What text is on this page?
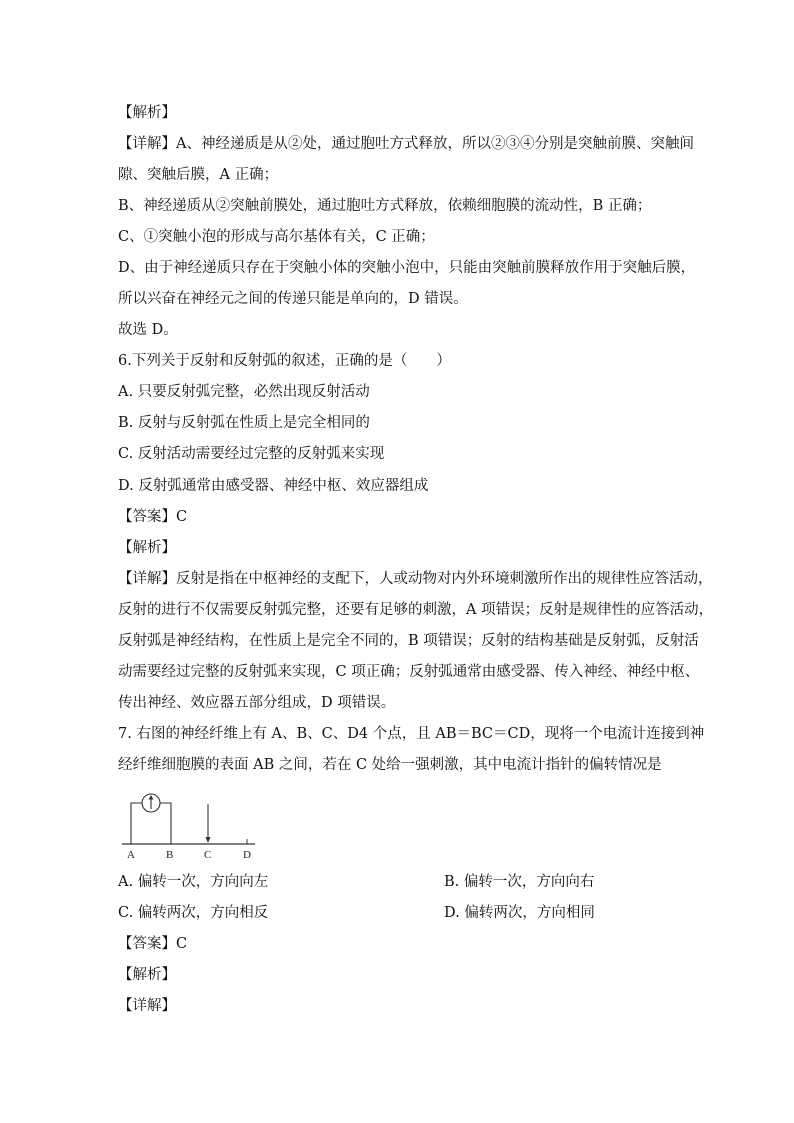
【解析】
【详解】A、神经递质是从②处，通过胞吐方式释放，所以②③④分别是突触前膜、突触间
隙、突触后膜，A 正确；
B、神经递质从②突触前膜处，通过胞吐方式释放，依赖细胞膜的流动性，B 正确；
C、①突触小泡的形成与高尔基体有关，C 正确；
D、由于神经递质只存在于突触小体的突触小泡中，只能由突触前膜释放作用于突触后膜，
所以兴奋在神经元之间的传递只能是单向的，D 错误。
故选 D。
6.下列关于反射和反射弧的叙述，正确的是（　　）
A. 只要反射弧完整，必然出现反射活动
B. 反射与反射弧在性质上是完全相同的
C. 反射活动需要经过完整的反射弧来实现
D. 反射弧通常由感受器、神经中枢、效应器组成
【答案】C
【解析】
【详解】反射是指在中枢神经的支配下，人或动物对内外环境刺激所作出的规律性应答活动，
反射的进行不仅需要反射弧完整，还要有足够的刺激，A 项错误；反射是规律性的应答活动，
反射弧是神经结构，在性质上是完全不同的，B 项错误；反射的结构基础是反射弧，反射活
动需要经过完整的反射弧来实现，C 项正确；反射弧通常由感受器、传入神经、神经中枢、
传出神经、效应器五部分组成，D 项错误。
7. 右图的神经纤维上有 A、B、C、D4 个点，且 AB＝BC＝CD，现将一个电流计连接到神
经纤维细胞膜的表面 AB 之间，若在 C 处给一强刺激，其中电流计指针的偏转情况是
A	B	C	D
A. 偏转一次，方向向左	B. 偏转一次，方向向右
C. 偏转两次，方向相反	D. 偏转两次，方向相同
【答案】C
【解析】
【详解】
